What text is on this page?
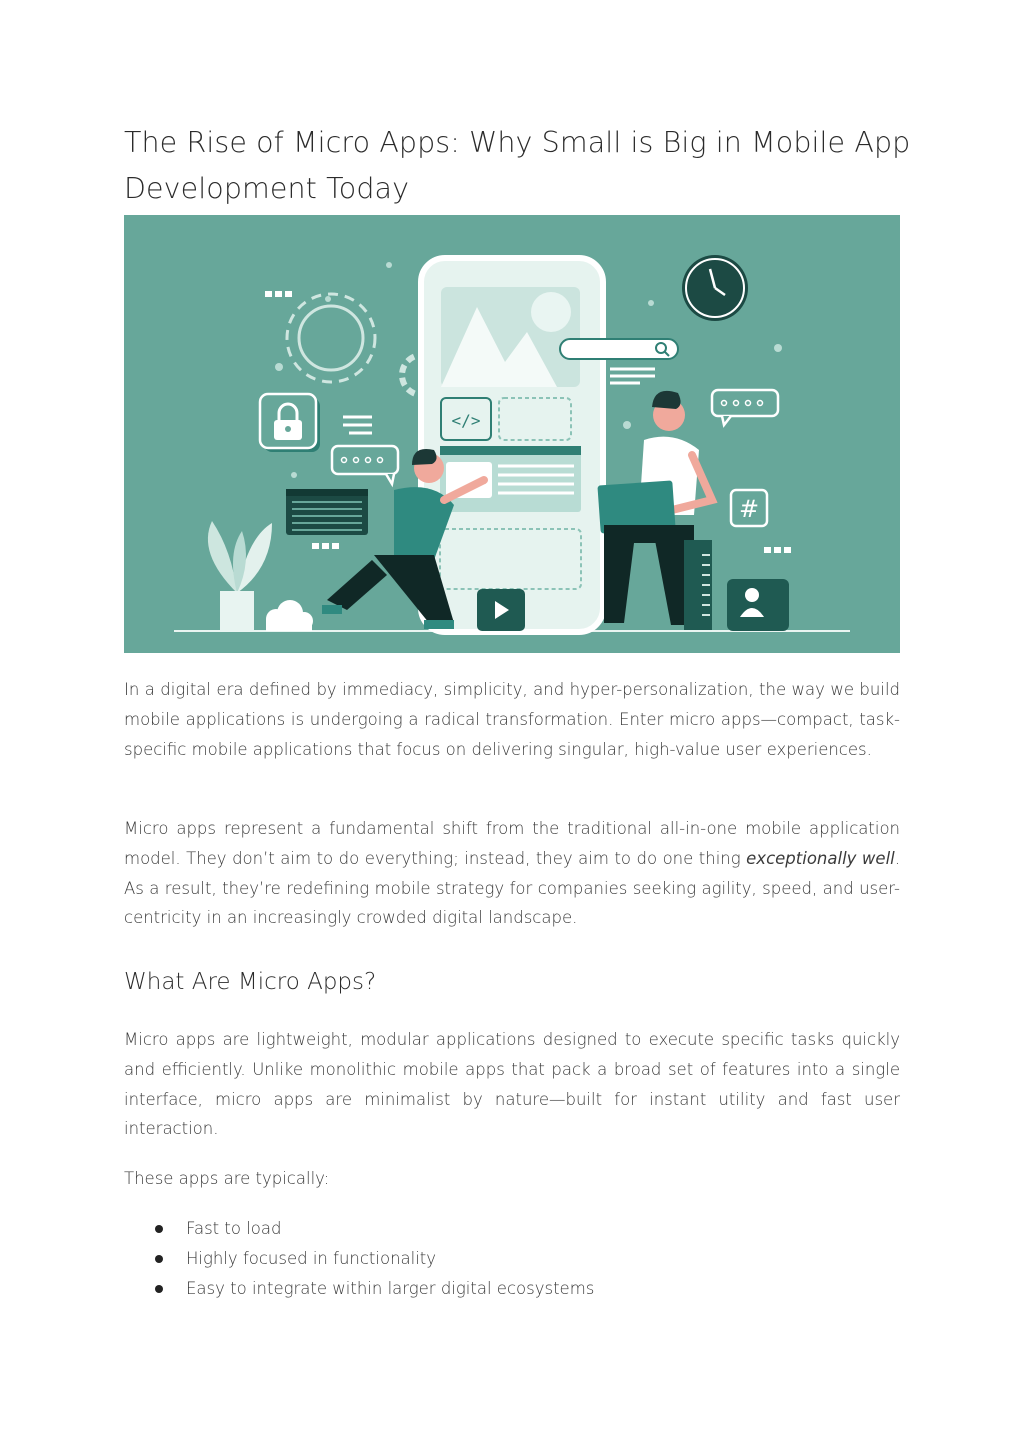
The Rise of Micro Apps: Why Small is Big in Mobile App Development Today
</>
#

In a digital era defined by immediacy, simplicity, and hyper-personalization, the way we build mobile applications is undergoing a radical transformation. Enter micro apps—compact, task-specific mobile applications that focus on delivering singular, high-value user experiences.

Micro apps represent a fundamental shift from the traditional all-in-one mobile application model. They don’t aim to do everything; instead, they aim to do one thing exceptionally well. As a result, they’re redefining mobile strategy for companies seeking agility, speed, and user-centricity in an increasingly crowded digital landscape.

What Are Micro Apps?

Micro apps are lightweight, modular applications designed to execute specific tasks quickly and efficiently. Unlike monolithic mobile apps that pack a broad set of features into a single interface, micro apps are minimalist by nature—built for instant utility and fast user interaction.

These apps are typically:

Fast to load
Highly focused in functionality
Easy to integrate within larger digital ecosystems
